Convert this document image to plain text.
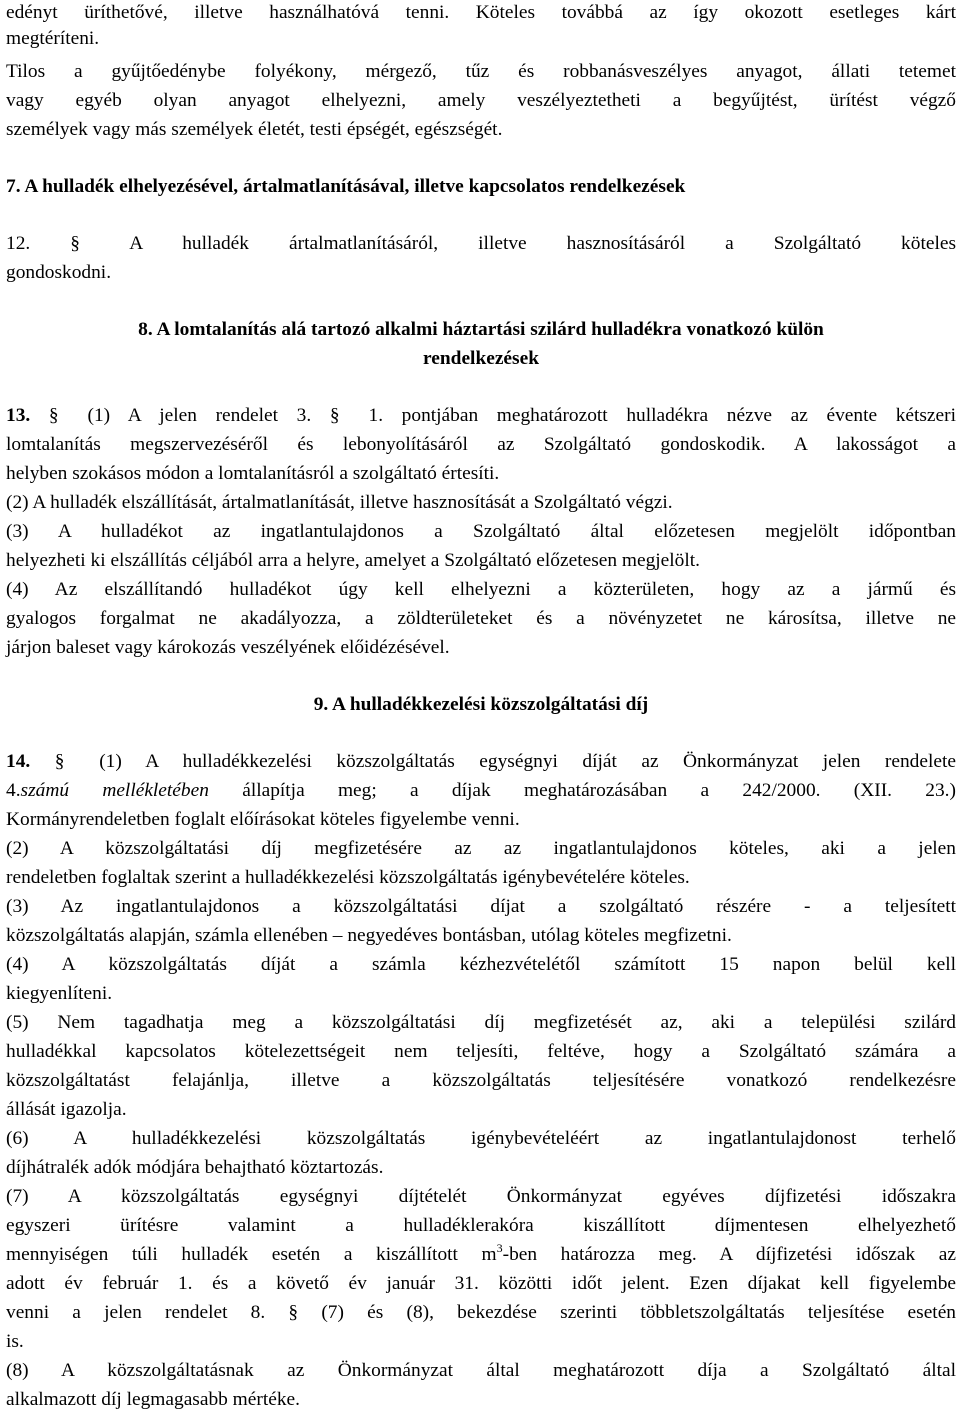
edényt üríthetővé, illetve használhatóvá tenni. Köteles továbbá az így okozott esetleges kárt
megtéríteni.
Tilos a gyűjtőedénybe folyékony, mérgező, tűz és robbanásveszélyes anyagot, állati tetemet
vagy egyéb olyan anyagot elhelyezni, amely veszélyeztetheti a begyűjtést, ürítést végző
személyek vagy más személyek életét, testi épségét, egészségét.
7. A hulladék elhelyezésével, ártalmatlanításával, illetve kapcsolatos rendelkezések
12. §	A hulladék ártalmatlanításáról, illetve hasznosításáról a Szolgáltató köteles
gondoskodni.
8. A lomtalanítás alá tartozó alkalmi háztartási szilárd hulladékra vonatkozó külön
rendelkezések
13. § (1) A jelen rendelet 3. § 1. pontjában meghatározott hulladékra nézve az évente kétszeri
lomtalanítás megszervezéséről és lebonyolításáról az Szolgáltató gondoskodik. A lakosságot a
helyben szokásos módon a lomtalanításról a szolgáltató értesíti.
(2) A hulladék elszállítását, ártalmatlanítását, illetve hasznosítását a Szolgáltató végzi.
(3) A hulladékot az ingatlantulajdonos a Szolgáltató által előzetesen megjelölt időpontban
helyezheti ki elszállítás céljából arra a helyre, amelyet a Szolgáltató előzetesen megjelölt.
(4) Az elszállítandó hulladékot úgy kell elhelyezni a közterületen, hogy az a jármű és
gyalogos forgalmat ne akadályozza, a zöldterületeket és a növényzetet ne károsítsa, illetve ne
járjon baleset vagy károkozás veszélyének előidézésével.
9. A hulladékkezelési közszolgáltatási díj
14. § (1) A hulladékkezelési közszolgáltatás egységnyi díját az Önkormányzat jelen rendelete
4.számú mellékletében állapítja meg; a díjak meghatározásában a 242/2000. (XII. 23.)
Kormányrendeletben foglalt előírásokat köteles figyelembe venni.
(2) A közszolgáltatási díj megfizetésére az az ingatlantulajdonos köteles, aki a jelen
rendeletben foglaltak szerint a hulladékkezelési közszolgáltatás igénybevételére köteles.
(3) Az ingatlantulajdonos a közszolgáltatási díjat a szolgáltató részére - a teljesített
közszolgáltatás alapján, számla ellenében – negyedéves bontásban, utólag köteles megfizetni.
(4) A közszolgáltatás díját a számla kézhezvételétől számított 15 napon belül kell
kiegyenlíteni.
(5) Nem tagadhatja meg a közszolgáltatási díj megfizetését az, aki a települési szilárd
hulladékkal kapcsolatos kötelezettségeit nem teljesíti, feltéve, hogy a Szolgáltató számára a
közszolgáltatást felajánlja, illetve a közszolgáltatás teljesítésére vonatkozó rendelkezésre
állását igazolja.
(6) A hulladékkezelési közszolgáltatás igénybevételéért az ingatlantulajdonost terhelő
díjhátralék adók módjára behajtható köztartozás.
(7) A közszolgáltatás egységnyi díjtételét Önkormányzat egyéves díjfizetési időszakra
egyszeri ürítésre valamint a hulladéklerakóra kiszállított díjmentesen elhelyezhető
mennyiségen túli hulladék esetén a kiszállított $m^3$-ben határozza meg. A díjfizetési időszak az
adott év február 1. és a követő év január 31. közötti időt jelent. Ezen díjakat kell figyelembe
venni a jelen rendelet 8. § (7) és (8), bekezdése szerinti többletszolgáltatás teljesítése esetén
is.
(8) A közszolgáltatásnak az Önkormányzat által meghatározott díja a Szolgáltató által
alkalmazott díj legmagasabb mértéke.
